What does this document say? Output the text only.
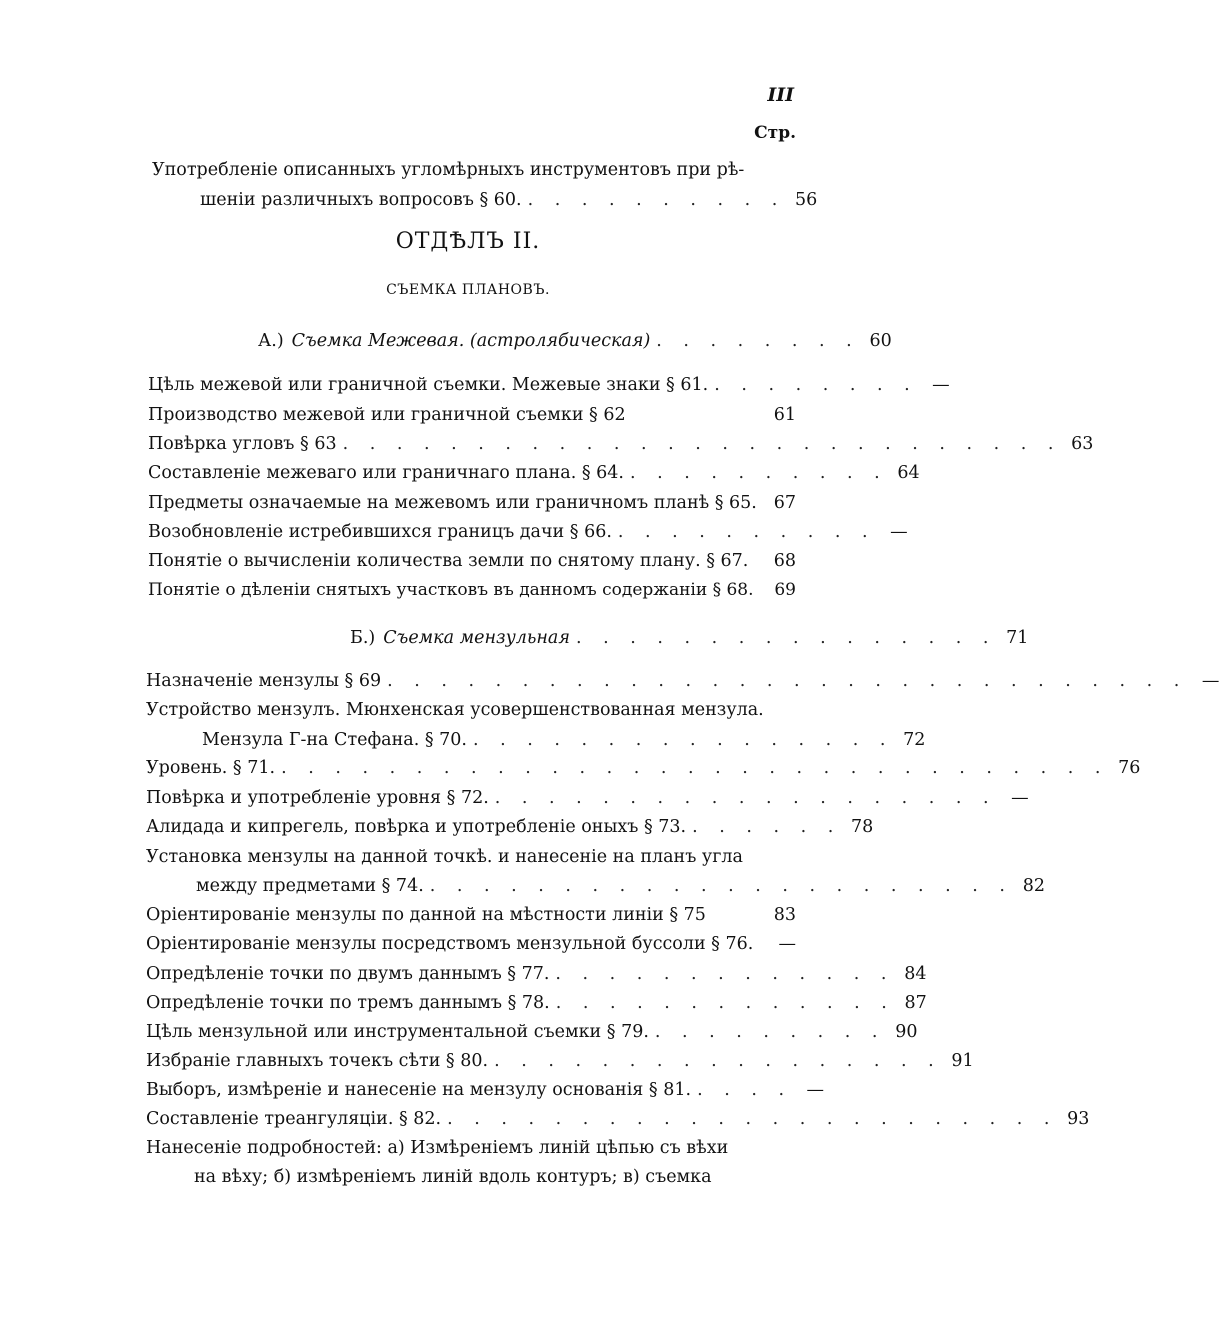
III
Стр.
Употребленіе описанныхъ угломѣрныхъ инструментовъ при рѣ-
шеніи различныхъ вопросовъ § 60. . . . . . . . . . . 56
ОТДѢЛЪ II.
СЪЕМКА ПЛАНОВЪ.
А.) Съемка Межевая. (астролябическая) . . . . . . . . 60
Цѣль межевой или граничной съемки. Межевые знаки § 61. . . . . . . . . —
Производство межевой или граничной съемки § 62	61
Повѣрка угловъ § 63 . . . . . . . . . . . . . . . . . . . . . . . . . . . 63
Составленіе межеваго или граничнаго плана. § 64. . . . . . . . . . . 64
Предметы означаемые на межевомъ или граничномъ планѣ § 65. 67
Возобновленіе истребившихся границъ дачи § 66. . . . . . . . . . . —
Понятіе о вычисленіи количества земли по снятому плану. § 67.	68
Понятіе о дѣленіи снятыхъ участковъ въ данномъ содержаніи § 68.	69
Б.) Съемка мензульная . . . . . . . . . . . . . . . . 71
Назначеніе мензулы § 69 . . . . . . . . . . . . . . . . . . . . . . . . . . . . . . —
Устройство мензулъ. Мюнхенская усовершенствованная мензула.
Мензула Г-на Стефана. § 70. . . . . . . . . . . . . . . . . 72
Уровень. § 71. . . . . . . . . . . . . . . . . . . . . . . . . . . . . . . . 76
Повѣрка и употребленіе уровня § 72. . . . . . . . . . . . . . . . . . . . —
Алидада и кипрегель, повѣрка и употребленіе оныхъ § 73. . . . . . . 78
Установка мензулы на данной точкѣ. и нанесеніе на планъ угла
между предметами § 74. . . . . . . . . . . . . . . . . . . . . . . 82
Оріентированіе мензулы по данной на мѣстности линіи § 75	83
Оріентированіе мензулы посредствомъ мензульной буссоли § 76.	—
Опредѣленіе точки по двумъ даннымъ § 77. . . . . . . . . . . . . . 84
Опредѣленіе точки по тремъ даннымъ § 78. . . . . . . . . . . . . . 87
Цѣль мензульной или инструментальной съемки § 79. . . . . . . . . . 90
Избраніе главныхъ точекъ сѣти § 80. . . . . . . . . . . . . . . . . . 91
Выборъ, измѣреніе и нанесеніе на мензулу основанія § 81. . . . . —
Составленіе треангуляціи. § 82. . . . . . . . . . . . . . . . . . . . . . . . 93
Нанесеніе подробностей: а) Измѣреніемъ линій цѣпью съ вѣхи
на вѣху; б) измѣреніемъ линій вдоль контуръ; в) съемка
